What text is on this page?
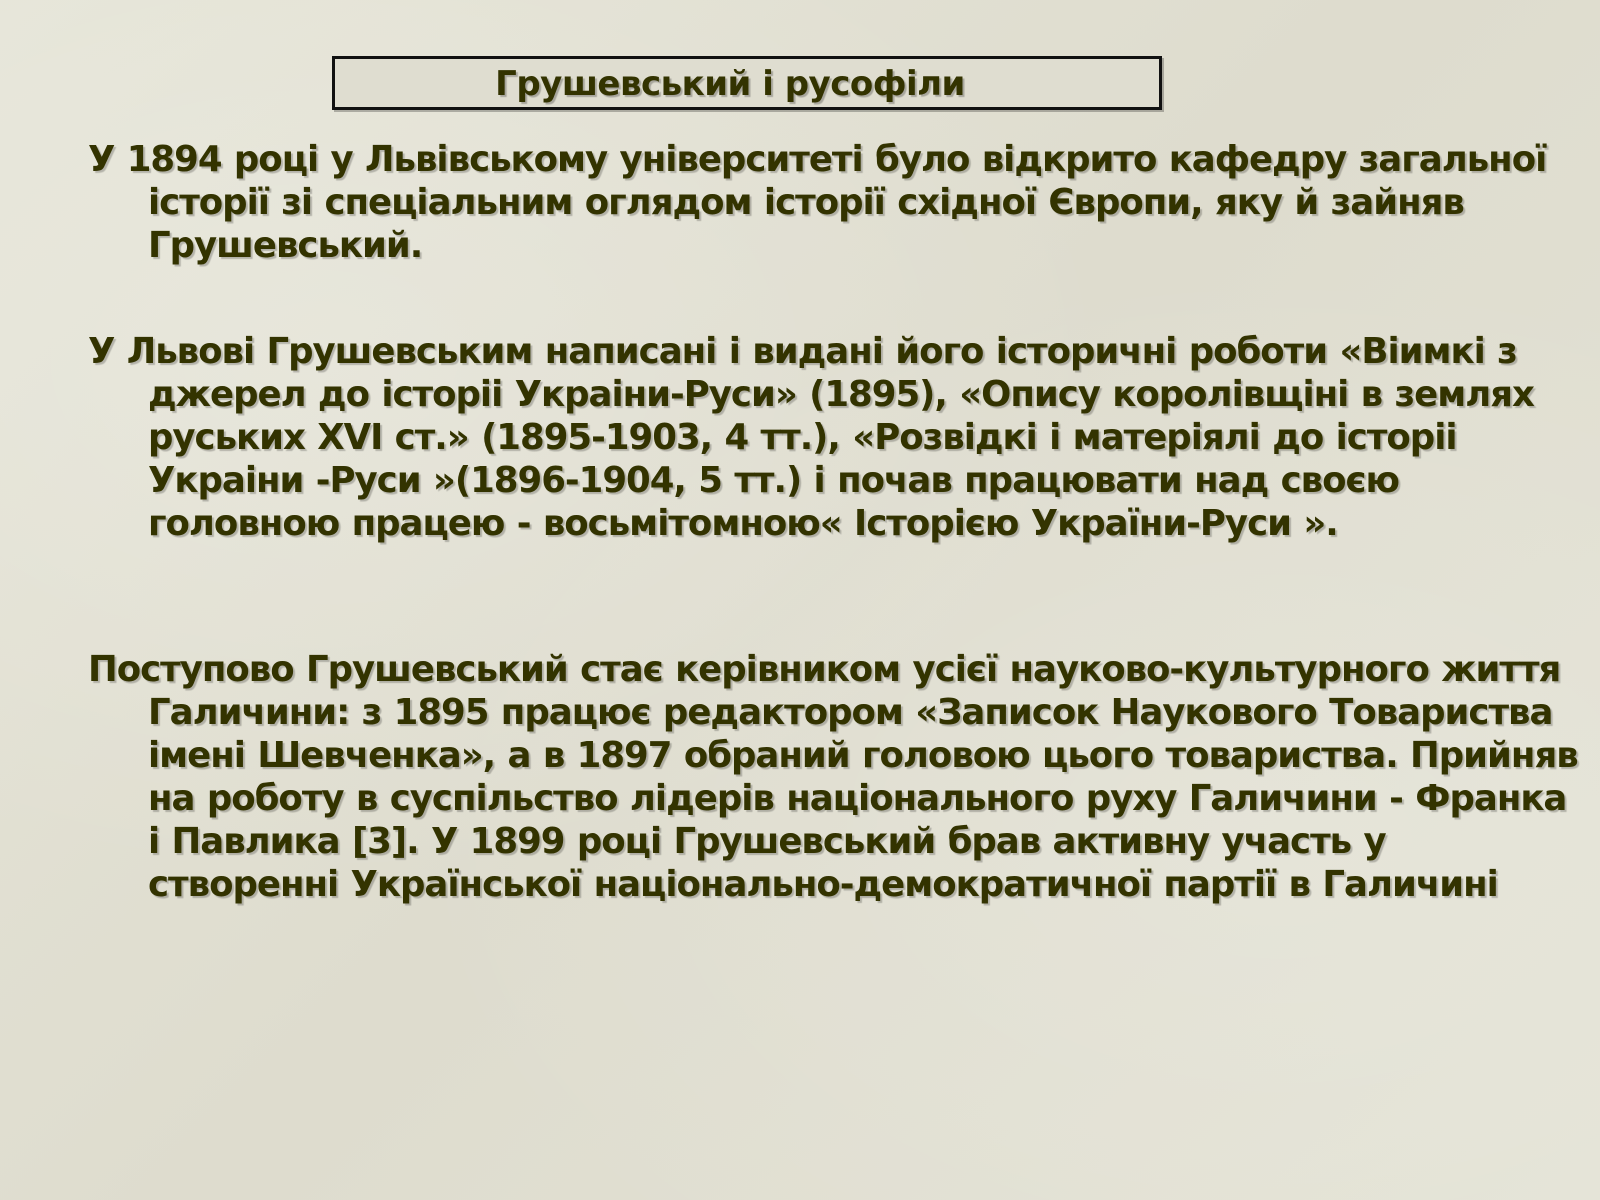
Грушевський і русофіли

У 1894 році у Львівському університеті було відкрито кафедру загальної історії зі спеціальним оглядом історії східної Європи, яку й зайняв Грушевський.

У Львові Грушевським написані і видані його історичні роботи «Віимкі з джерел до історіі Украіни-Руси» (1895), «Опису королівщіні в землях руських XVI ст.» (1895-1903, 4 тт.), «Розвідкі і матеріялі до історіі Украіни -Руси »(1896-1904, 5 тт.) і почав працювати над своєю головною працею - восьмітомною« Історією України-Руси ».

Поступово Грушевський стає керівником усієї науково-культурного життя Галичини: з 1895 працює редактором «Записок Наукового Товариства імені Шевченка», а в 1897 обраний головою цього товариства. Прийняв на роботу в суспільство лідерів національного руху Галичини - Франка і Павлика [3]. У 1899 році Грушевський брав активну участь у створенні Української національно-демократичної партії в Галичині
